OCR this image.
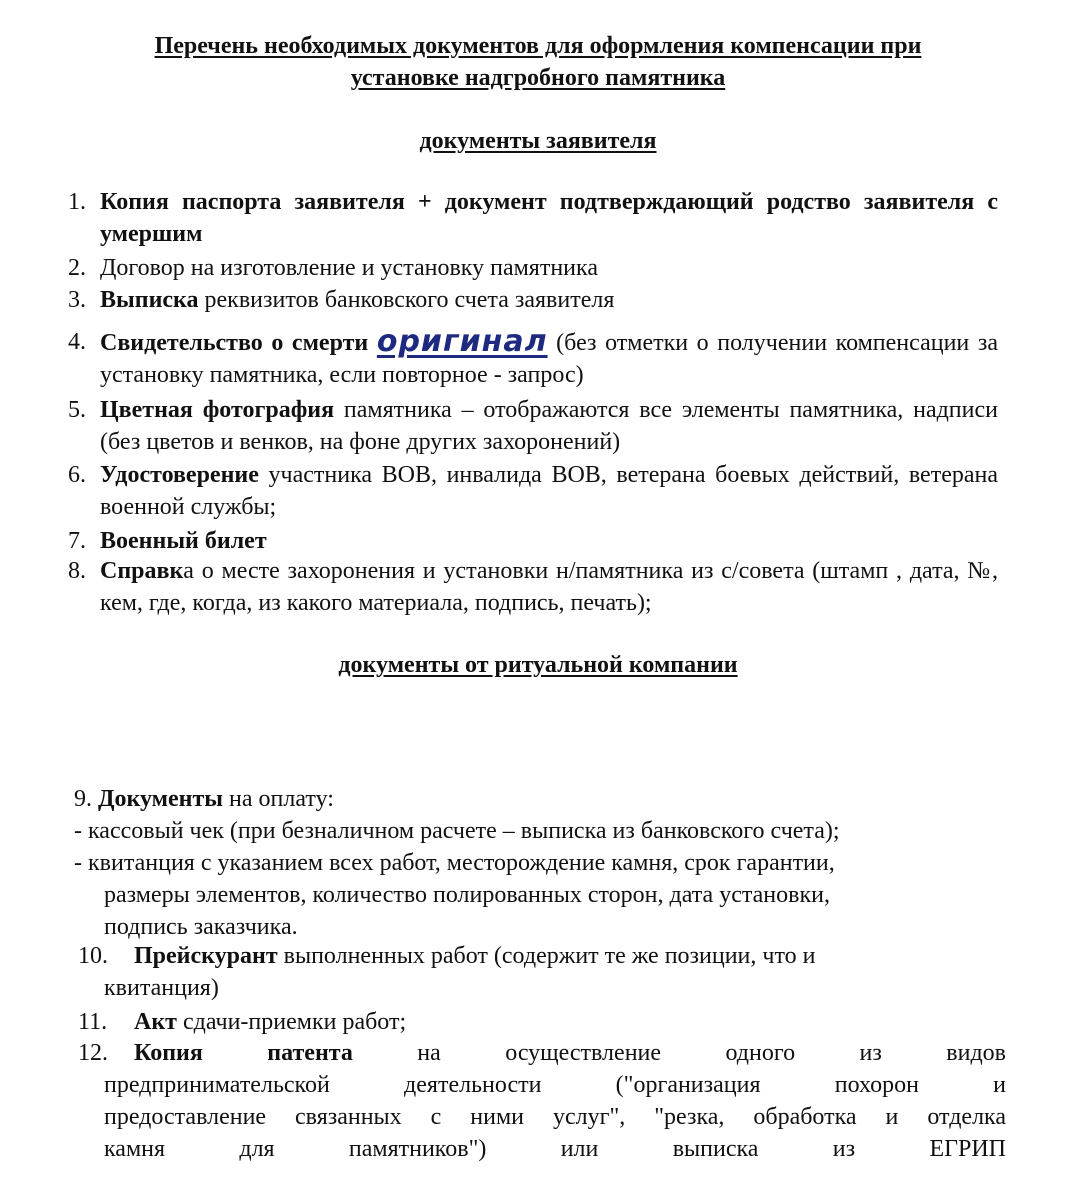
Перечень необходимых документов для оформления компенсации при
установке надгробного памятника
документы заявителя
1. Копия паспорта заявителя + документ подтверждающий родство заявителя с умершим
2. Договор на изготовление и установку памятника
3. Выписка реквизитов банковского счета заявителя
4. Свидетельство о смерти оригинал (без отметки о получении компенсации за установку памятника, если повторное - запрос)
5. Цветная фотография памятника – отображаются все элементы памятника, надписи (без цветов и венков, на фоне других захоронений)
6. Удостоверение участника ВОВ, инвалида ВОВ, ветерана боевых действий, ветерана военной службы;
7. Военный билет
8. Справка о месте захоронения и установки н/памятника из с/совета (штамп , дата, №, кем, где, когда, из какого материала, подпись, печать);
документы от ритуальной компании
9. Документы на оплату:
- кассовый чек (при безналичном расчете – выписка из банковского счета);
- квитанция с указанием всех работ, месторождение камня, срок гарантии,
размеры элементов, количество полированных сторон, дата установки,
подпись заказчика.
10. Прейскурант выполненных работ (содержит те же позиции, что и
квитанция)
11. Акт сдачи-приемки работ;
12. Копия патента на осуществление одного из видов
предпринимательской деятельности ("организация похорон и
предоставление связанных с ними услуг", "резка, обработка и отделка
камня для памятников") или выписка из ЕГРИП
